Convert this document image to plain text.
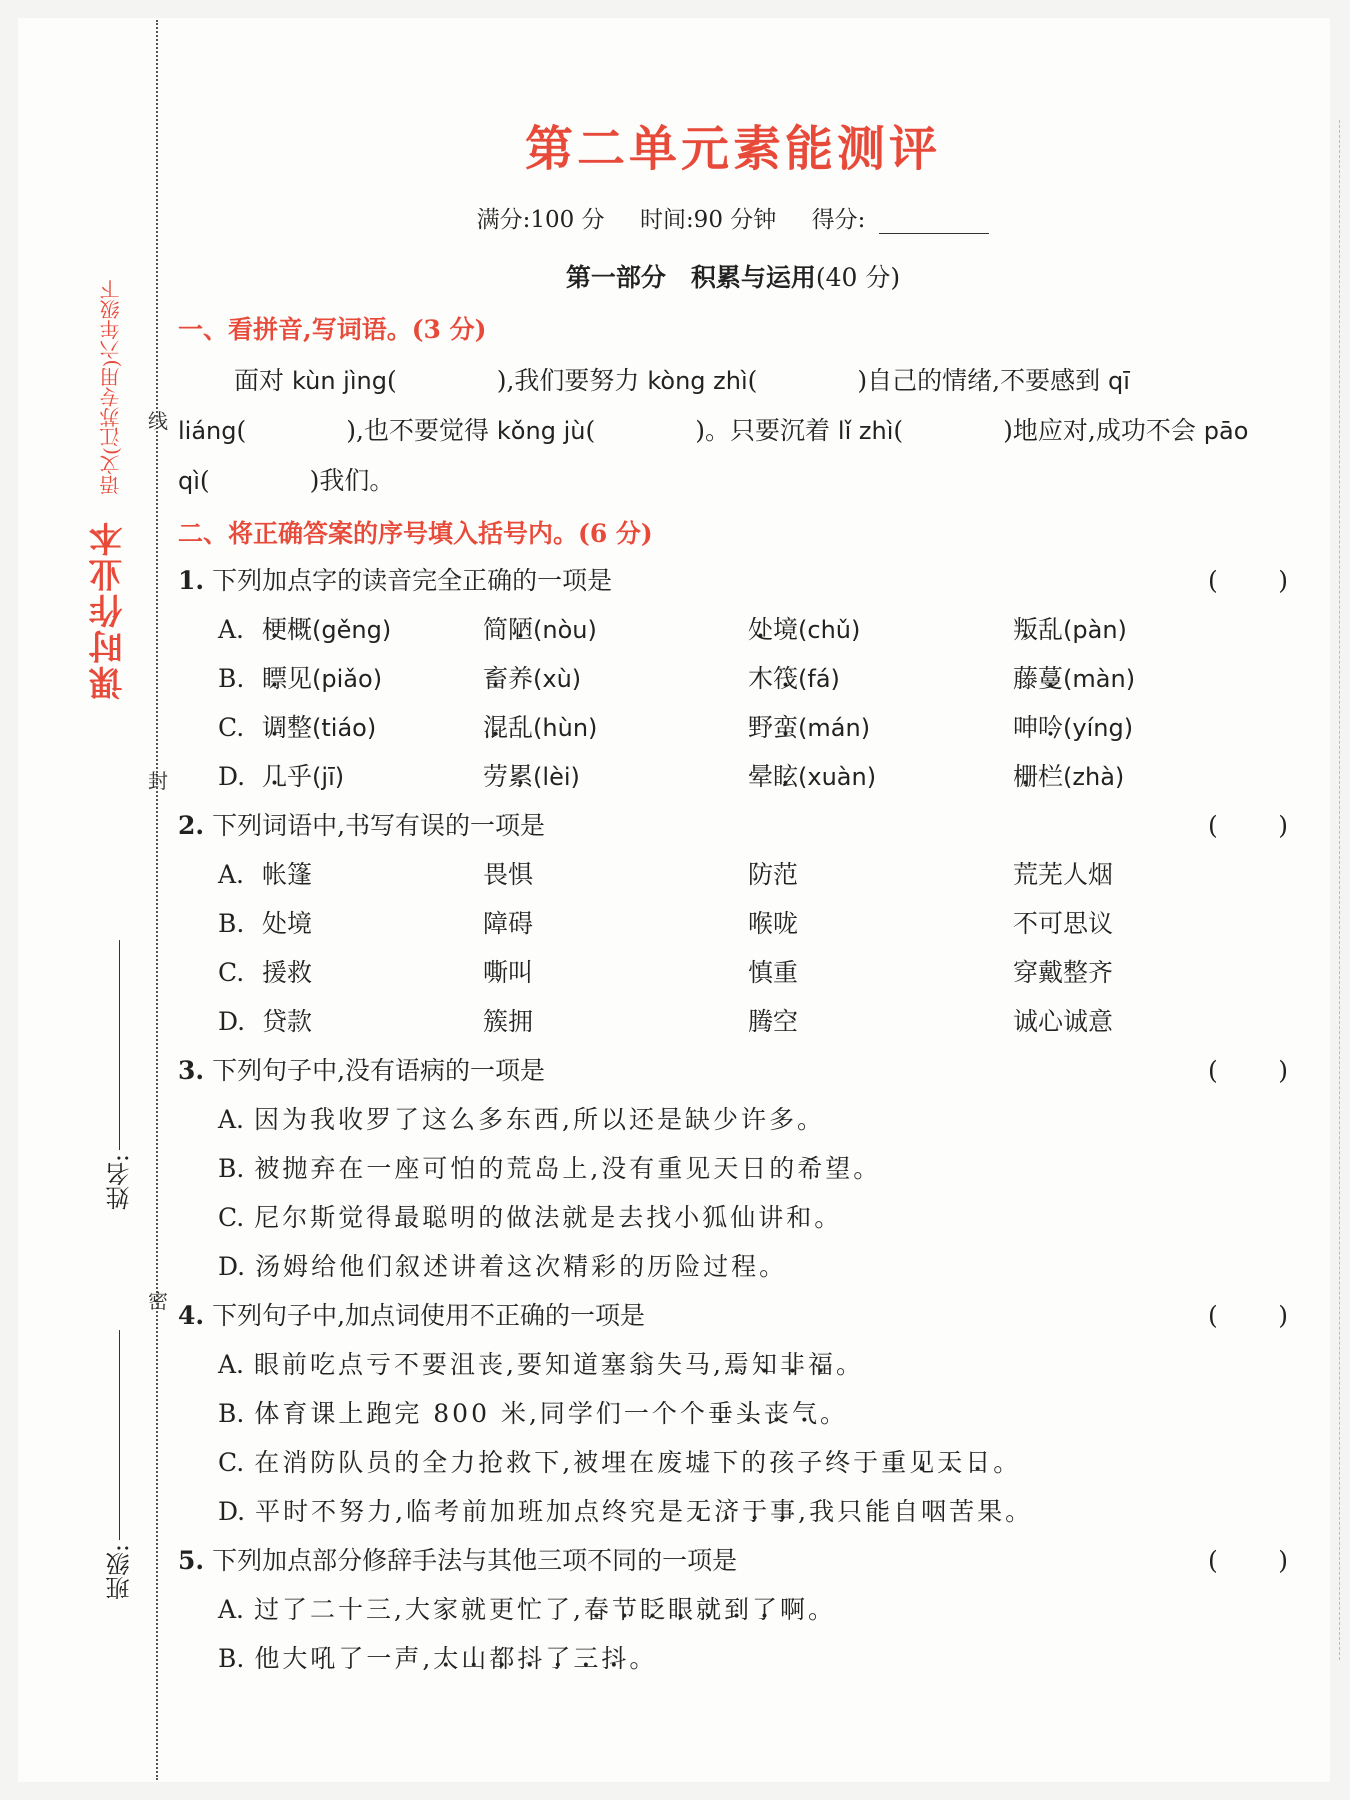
线
封
密
课时作业本
语文(江苏专用)六年级下
姓名:
班级:
第二单元素能测评
满分:100 分 时间:90 分钟 得分:
第一部分　积累与运用(40 分)
一、看拼音,写词语。(3 分)
面对 kùn jìng(　　　　),我们要努力 kòng zhì(　　　　)自己的情绪,不要感到 qī liáng(　　　　),也不要觉得 kǒng jù(　　　　)。只要沉着 lǐ zhì(　　　　)地应对,成功不会 pāo qì(　　　　)我们。
二、将正确答案的序号填入括号内。(6 分)
1. 下列加点字的读音完全正确的一项是	( )
A. 梗概(gěng)	简陋(nòu)	处境(chǔ)	叛乱(pàn)
B. 瞟见(piǎo)	畜养(xù)	木筏(fá)	藤蔓(màn)
C. 调整(tiáo)	混乱(hùn)	野蛮(mán)	呻吟(yíng)
D. 几乎(jī)	劳累(lèi)	晕眩(xuàn)	栅栏(zhà)
2. 下列词语中,书写有误的一项是	( )
A. 帐篷	畏惧	防范	荒芜人烟
B. 处境	障碍	喉咙	不可思议
C. 援救	嘶叫	慎重	穿戴整齐
D. 贷款	簇拥	腾空	诚心诚意
3. 下列句子中,没有语病的一项是	( )
A. 因为我收罗了这么多东西,所以还是缺少许多。
B. 被抛弃在一座可怕的荒岛上,没有重见天日的希望。
C. 尼尔斯觉得最聪明的做法就是去找小狐仙讲和。
D. 汤姆给他们叙述讲着这次精彩的历险过程。
4. 下列句子中,加点词使用不正确的一项是	( )
A. 眼前吃点亏不要沮丧,要知道塞翁失马,焉知非福。
B. 体育课上跑完 800 米,同学们一个个垂头丧气。
C. 在消防队员的全力抢救下,被埋在废墟下的孩子终于重见天日。
D. 平时不努力,临考前加班加点终究是无济于事,我只能自咽苦果。
5. 下列加点部分修辞手法与其他三项不同的一项是	( )
A. 过了二十三,大家就更忙了,春节眨眼就到了啊。
B. 他大吼了一声,大山都抖了三抖。
